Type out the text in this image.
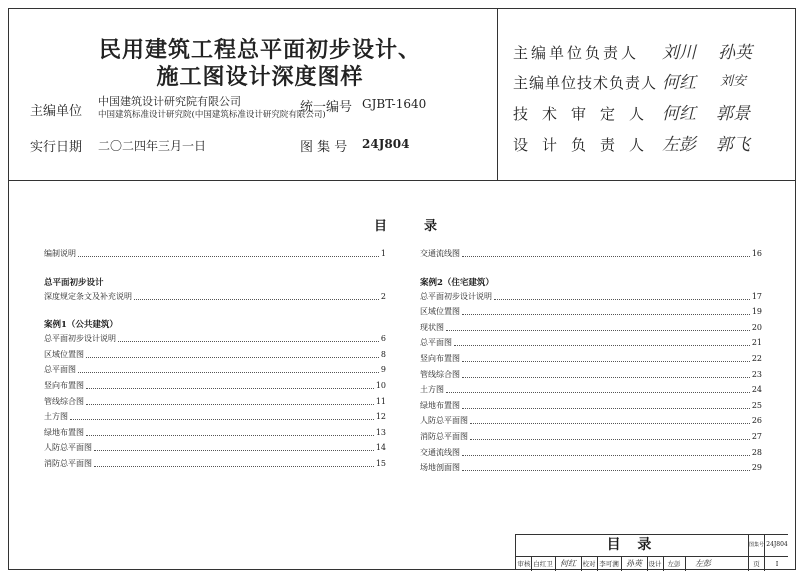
民用建筑工程总平面初步设计、
施工图设计深度图样
主编单位
中国建筑设计研究院有限公司
中国建筑标准设计研究院(中国建筑标准设计研究院有限公司)
统一编号 GJBT-1640
实行日期 二〇二四年三月一日	图 集 号 24J804
主编单位负责人 刘川 孙英
主编单位技术负责人 何红 刘安
技术审定人 何红 郭景
设计负责人 左彭 郭飞
目	录
编制说明	1
总平面初步设计
深度规定条文及补充说明	2
案例1（公共建筑）
总平面初步设计说明	6
区域位置图	8
总平面图	9
竖向布置图	10
管线综合图	11
土方图	12
绿地布置图	13
人防总平面图	14
消防总平面图	15
交通流线图	16
案例2（住宅建筑）
总平面初步设计说明	17
区域位置图	19
现状图	20
总平面图	21
竖向布置图	22
管线综合图	23
土方图	24
绿地布置图	25
人防总平面图	26
消防总平面图	27
交通流线图	28
场地剖面图	29
目 录	图集号 24J804
审核 白红卫 何红	校对 李可溯 孙英	设计 左彭	左彭	页	I
